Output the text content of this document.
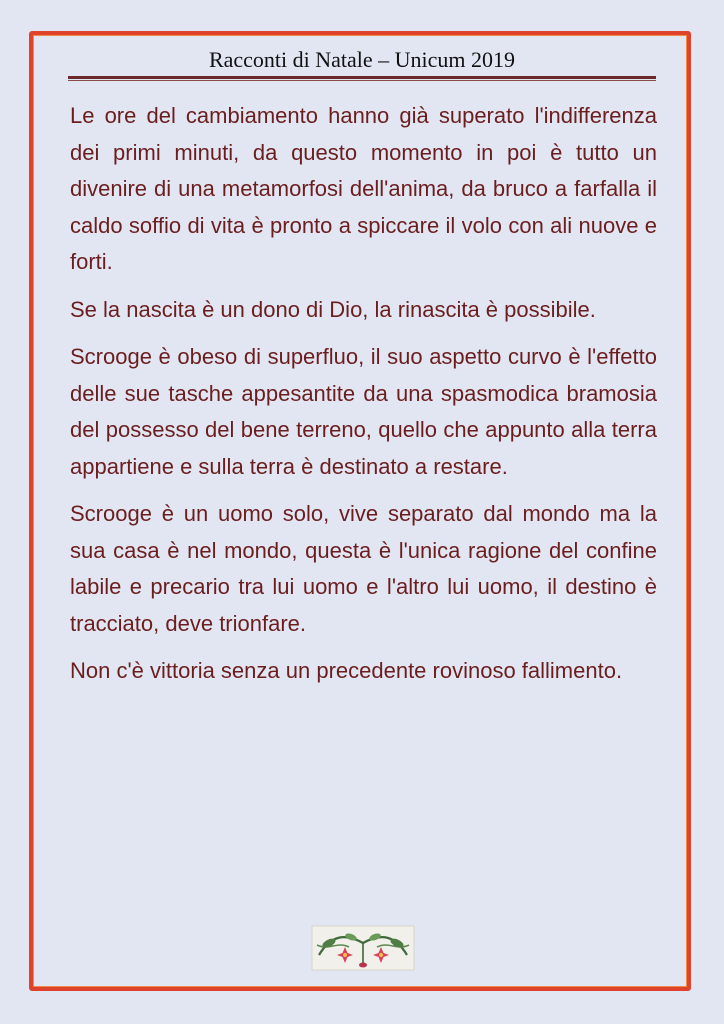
Racconti di Natale – Unicum 2019

Le ore del cambiamento hanno già superato l'indifferenza dei primi minuti, da questo momento in poi è tutto un divenire di una metamorfosi dell'anima, da bruco a farfalla il caldo soffio di vita è pronto a spiccare il volo con ali nuove e forti.

Se la nascita è un dono di Dio, la rinascita è possibile.

Scrooge è obeso di superfluo, il suo aspetto curvo è l'effetto delle sue tasche appesantite da una spasmodica bramosia del possesso del bene terreno, quello che appunto alla terra appartiene e sulla terra è destinato a restare.

Scrooge è un uomo solo, vive separato dal mondo ma la sua casa è nel mondo, questa è l'unica ragione del confine labile e precario tra lui uomo e l'altro lui uomo, il destino è tracciato, deve trionfare.

Non c'è vittoria senza un precedente rovinoso fallimento.
